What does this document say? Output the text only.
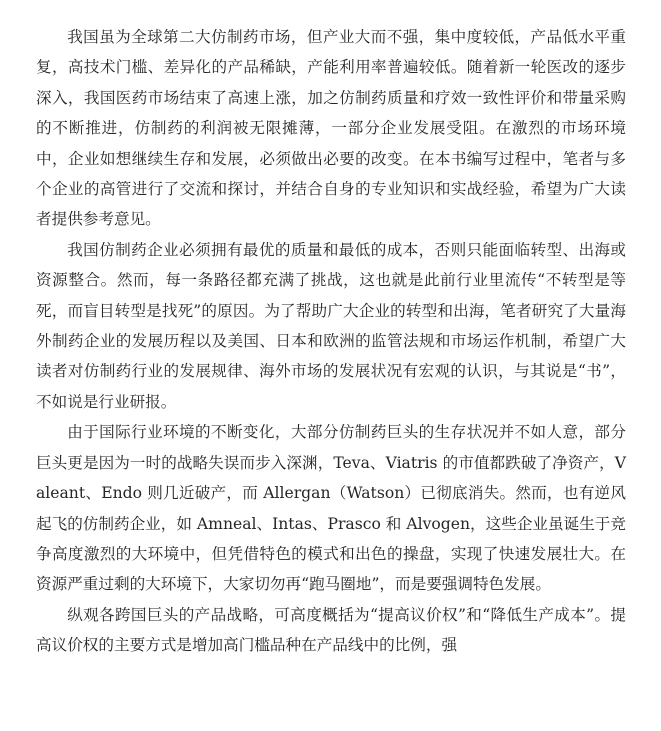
我国虽为全球第二大仿制药市场，但产业大而不强，集中度较低，产品低水平重复，高技术门槛、差异化的产品稀缺，产能利用率普遍较低。随着新一轮医改的逐步深入，我国医药市场结束了高速上涨，加之仿制药质量和疗效一致性评价和带量采购的不断推进，仿制药的利润被无限摊薄，一部分企业发展受阻。在激烈的市场环境中，企业如想继续生存和发展，必须做出必要的改变。在本书编写过程中，笔者与多个企业的高管进行了交流和探讨，并结合自身的专业知识和实战经验，希望为广大读者提供参考意见。

我国仿制药企业必须拥有最优的质量和最低的成本，否则只能面临转型、出海或资源整合。然而，每一条路径都充满了挑战，这也就是此前行业里流传“不转型是等死，而盲目转型是找死”的原因。为了帮助广大企业的转型和出海，笔者研究了大量海外制药企业的发展历程以及美国、日本和欧洲的监管法规和市场运作机制，希望广大读者对仿制药行业的发展规律、海外市场的发展状况有宏观的认识，与其说是“书”，不如说是行业研报。

由于国际行业环境的不断变化，大部分仿制药巨头的生存状况并不如人意，部分巨头更是因为一时的战略失误而步入深渊，Teva、Viatris 的市值都跌破了净资产，Valeant、Endo 则几近破产，而 Allergan（Watson）已彻底消失。然而，也有逆风起飞的仿制药企业，如 Amneal、Intas、Prasco 和 Alvogen，这些企业虽诞生于竞争高度激烈的大环境中，但凭借特色的模式和出色的操盘，实现了快速发展壮大。在资源严重过剩的大环境下，大家切勿再“跑马圈地”，而是要强调特色发展。

纵观各跨国巨头的产品战略，可高度概括为“提高议价权”和“降低生产成本”。提高议价权的主要方式是增加高门槛品种在产品线中的比例，强
